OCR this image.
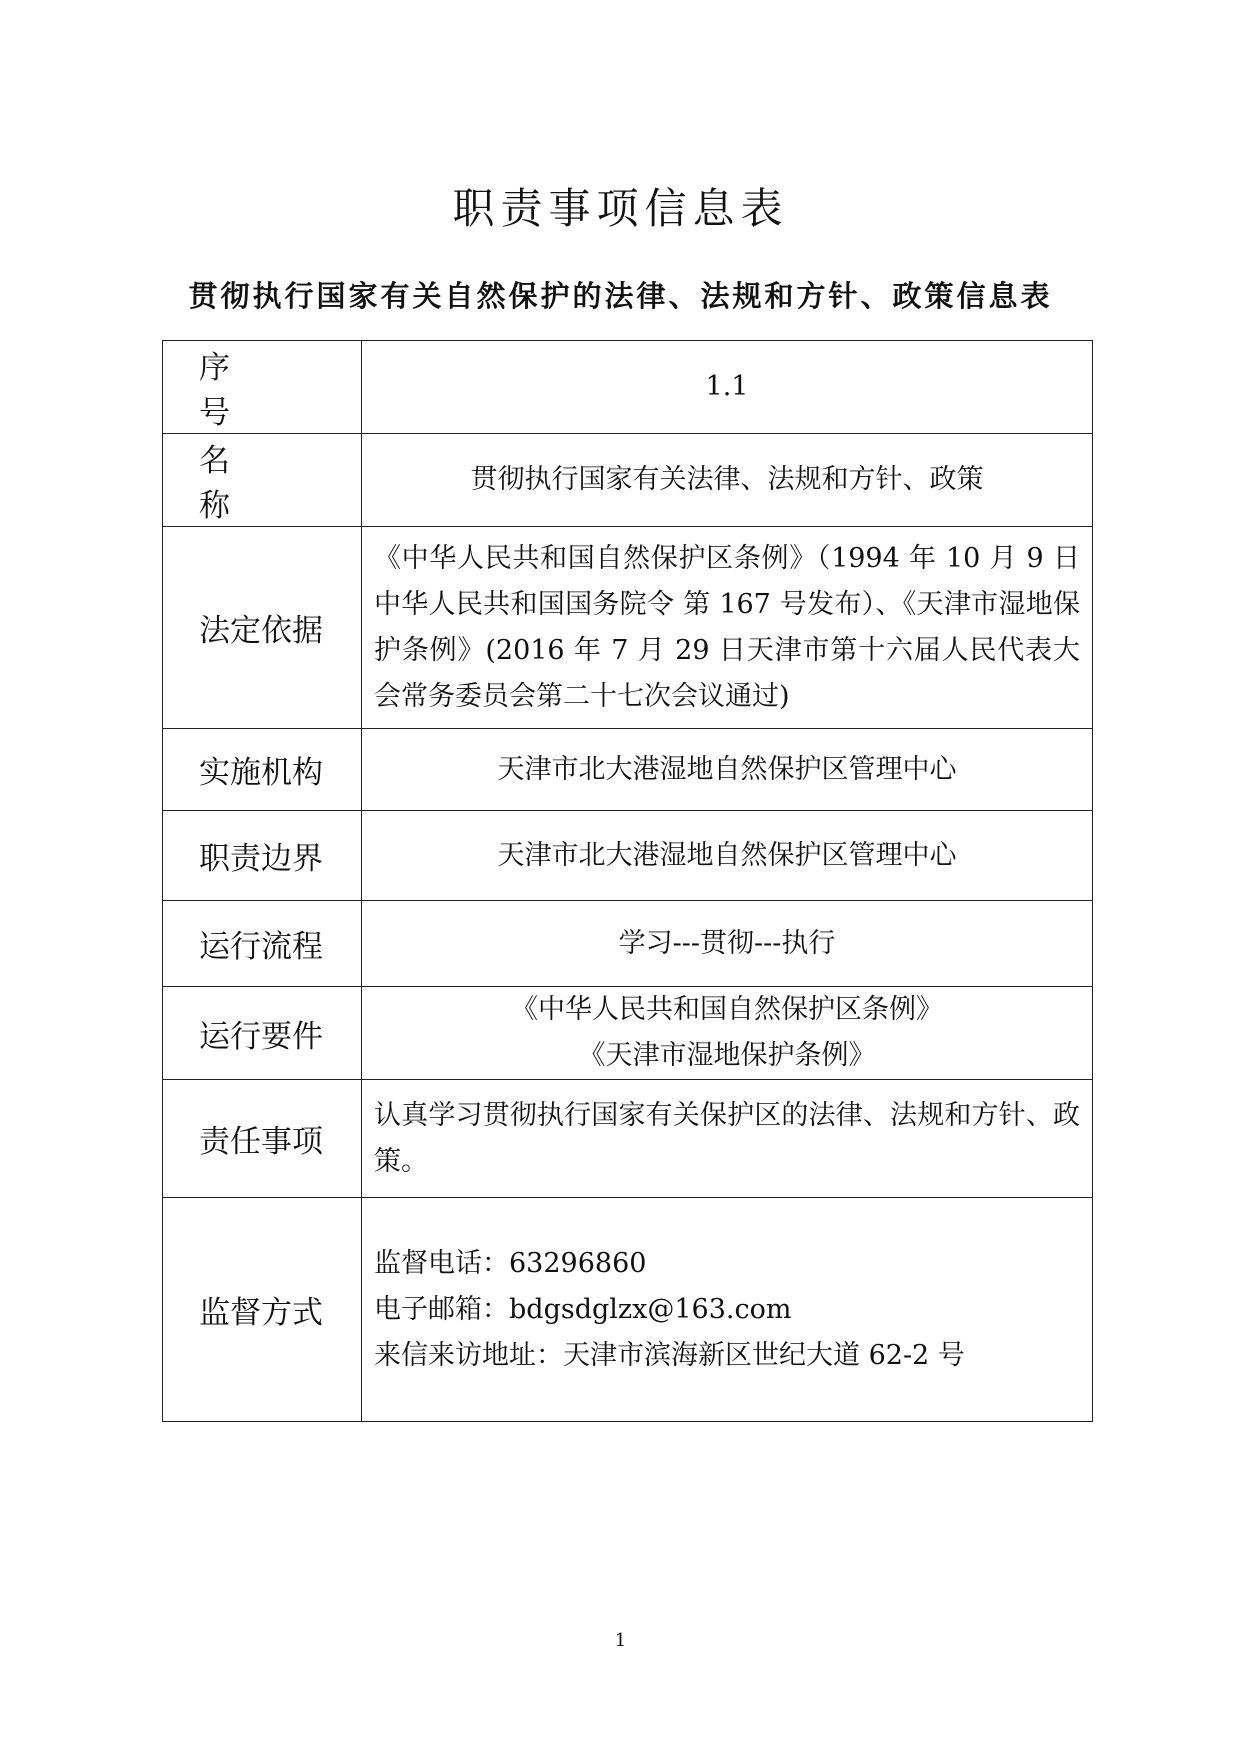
职责事项信息表
贯彻执行国家有关自然保护的法律、法规和方针、政策信息表
序 号	1.1
名 称	贯彻执行国家有关法律、法规和方针、政策
法定依据	《中华人民共和国自然保护区条例》（1994 年 10 月 9 日中华人民共和国国务院令 第 167 号发布）、《天津市湿地保护条例》(2016 年 7 月 29 日天津市第十六届人民代表大会常务委员会第二十七次会议通过)
实施机构	天津市北大港湿地自然保护区管理中心
职责边界	天津市北大港湿地自然保护区管理中心
运行流程	学习---贯彻---执行
运行要件	《中华人民共和国自然保护区条例》
《天津市湿地保护条例》

责任事项	认真学习贯彻执行国家有关保护区的法律、法规和方针、政策。
监督方式	监督电话：63296860
电子邮箱：bdgsdglzx@163.com
来信来访地址：天津市滨海新区世纪大道 62-2 号
1
